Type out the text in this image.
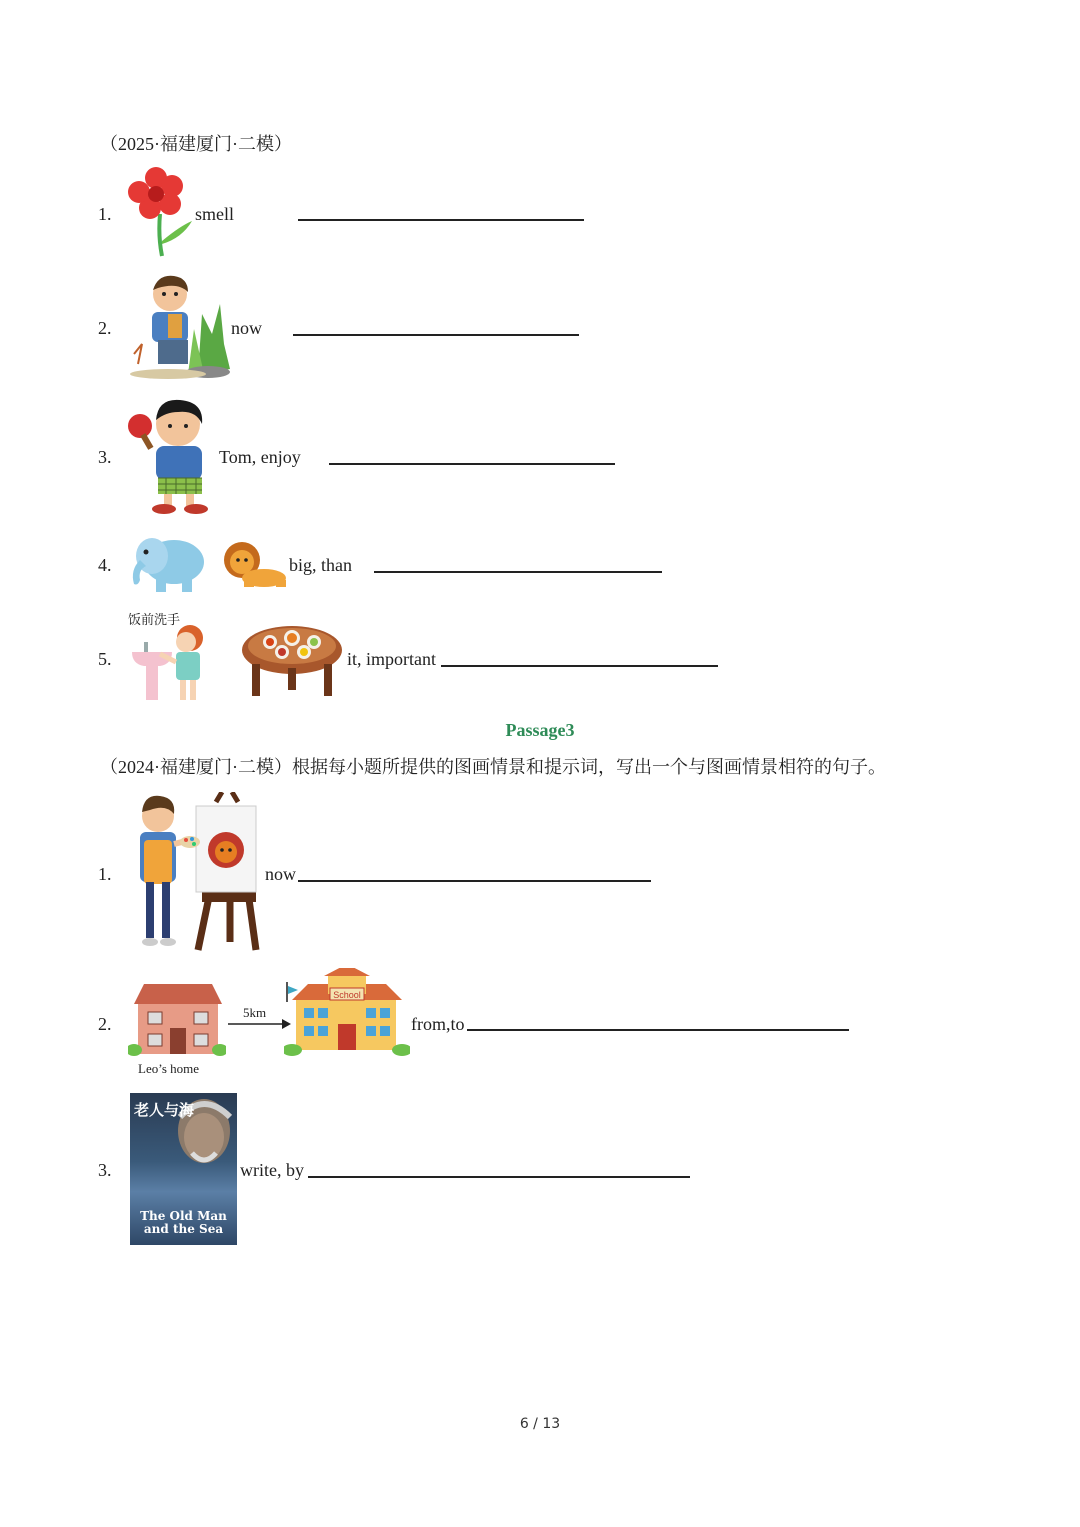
（2025·福建厦门·二模）
1.	smell
2.	now
3.	Tom, enjoy
4.	big, than
5.
饭前洗手
it, important
Passage3
（2024·福建厦门·二模）根据每小题所提供的图画情景和提示词，写出一个与图画情景相符的句子。
1.	now
2.
Leo’s home
5km
School
from,to
3.
老人与海
The Old Man
and the Sea
write, by
6 / 13
